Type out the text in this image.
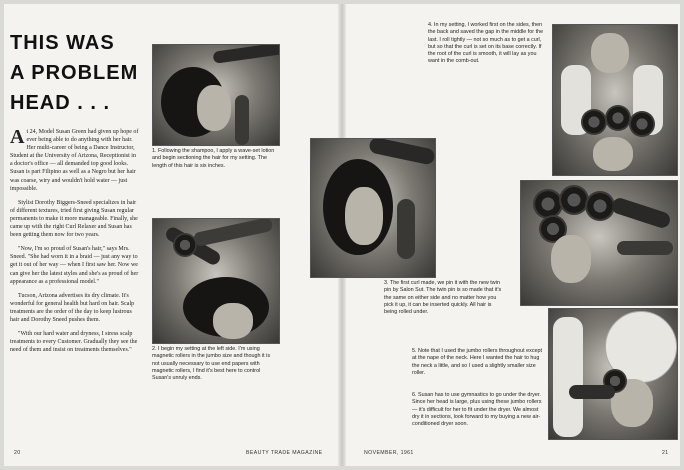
THIS WAS
A PROBLEM
HEAD . . .

At 24, Model Susan Green had given up hope of ever being able to do anything with her hair. Her multi-career of being a Dance Instructor, Student at the University of Arizona, Receptionist in a doctor's office — all demanded top good looks. Susan is part Filipino as well as a Negro but her hair was coarse, wiry and wouldn't hold water — just impossible.

Stylist Dorothy Biggers-Sneed specializes in hair of different textures, tried first giving Susan regular permanents to make it more manageable. Finally, she came up with the right Curl Relaxer and Susan has been getting them now for two years.

"Now, I'm so proud of Susan's hair," says Mrs. Sneed. "She had worn it in a braid — just any way to get it out of her way — when I first saw her. Now we can give her the latest styles and she's as proud of her appearance as a professional model."

Tucson, Arizona advertises its dry climate. It's wonderful for general health but hard on hair. Scalp treatments are the order of the day to keep lustrous hair and Dorothy Sneed pushes them.

"With our hard water and dryness, I stress scalp treatments to every Customer. Gradually they see the need of them and insist on treatments themselves."

1. Following the shampoo, I apply a wave-set lotion and begin sectioning the hair for my setting. The length of this hair is six inches.
2. I begin my setting at the left side. I'm using magnetic rollers in the jumbo size and though it is not usually necessary to use end papers with magnetic rollers, I find it's best here to control Susan's unruly ends.
3. The first curl made, we pin it with the new twin pin by Salon Sut. The twin pin is so made that it's the same on either side and no matter how you pick it up, it can be inserted quickly. All hair is being rolled under.
4. In my setting, I worked first on the sides, then the back and saved the gap in the middle for the last. I roll tightly — not so much as to get a curl, but so that the curl is set on its base correctly. If the root of the curl is smooth, it will lay as you want in the comb-out.
5. Note that I used the jumbo rollers throughout except at the nape of the neck. Here I wanted the hair to hug the neck a little, and so I used a slightly smaller size roller.
6. Susan has to use gymnastics to go under the dryer. Since her head is large, plus using these jumbo rollers — it's difficult for her to fit under the dryer. We almost dry it in sections, look forward to my buying a new air-conditioned dryer soon.
20	BEAUTY TRADE MAGAZINE	NOVEMBER, 1961	21
